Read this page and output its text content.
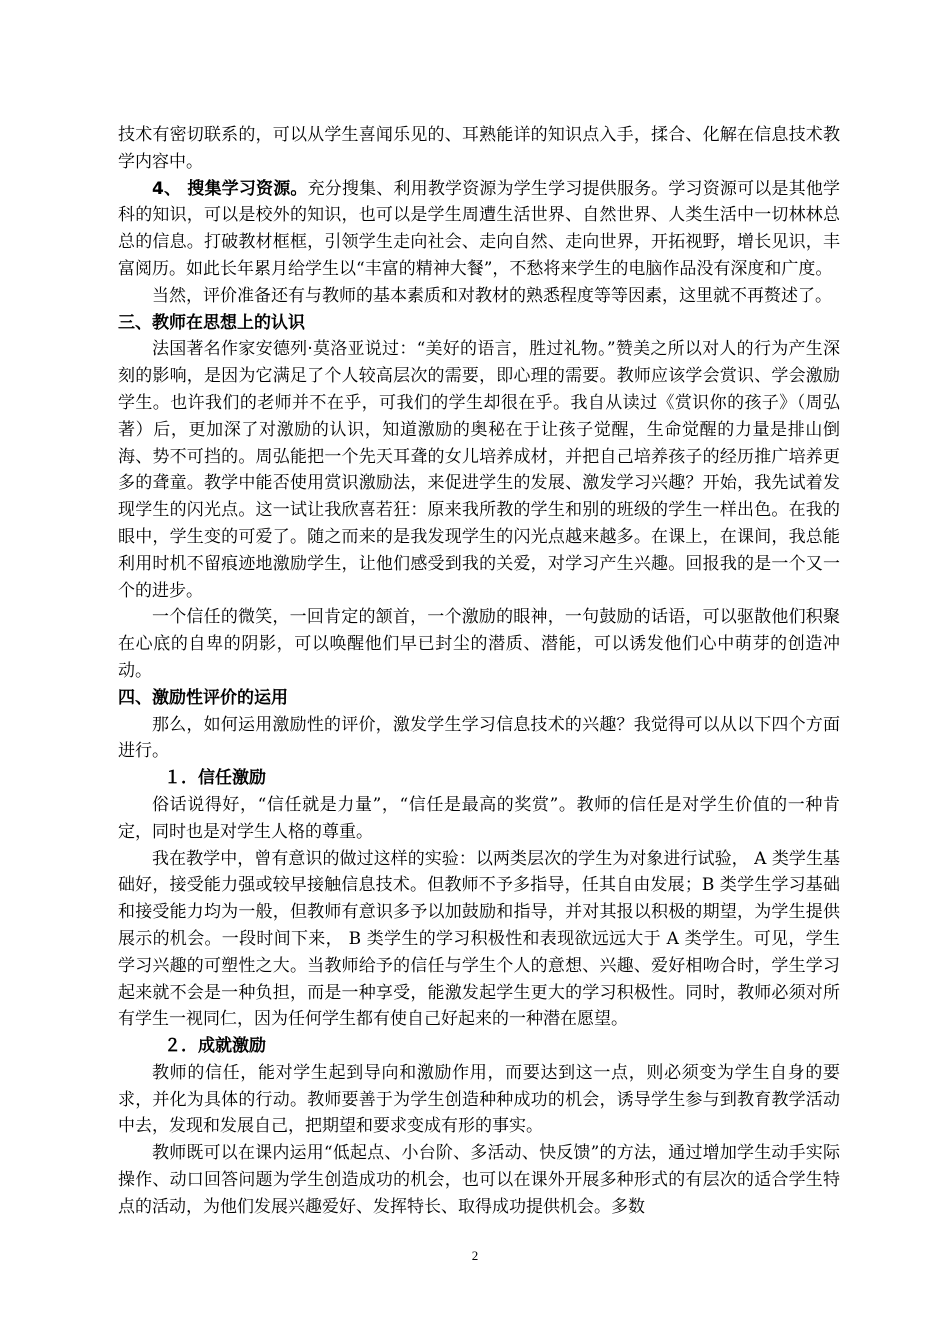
技术有密切联系的，可以从学生喜闻乐见的、耳熟能详的知识点入手，揉合、化解在信息技术教学内容中。

4、 搜集学习资源。充分搜集、利用教学资源为学生学习提供服务。学习资源可以是其他学科的知识，可以是校外的知识，也可以是学生周遭生活世界、自然世界、人类生活中一切林林总总的信息。打破教材框框，引领学生走向社会、走向自然、走向世界，开拓视野，增长见识，丰富阅历。如此长年累月给学生以“丰富的精神大餐”，不愁将来学生的电脑作品没有深度和广度。

当然，评价准备还有与教师的基本素质和对教材的熟悉程度等等因素，这里就不再赘述了。

三、教师在思想上的认识

法国著名作家安德列·莫洛亚说过：“美好的语言，胜过礼物。”赞美之所以对人的行为产生深刻的影响，是因为它满足了个人较高层次的需要，即心理的需要。教师应该学会赏识、学会激励学生。也许我们的老师并不在乎，可我们的学生却很在乎。我自从读过《赏识你的孩子》（周弘著）后，更加深了对激励的认识，知道激励的奥秘在于让孩子觉醒，生命觉醒的力量是排山倒海、势不可挡的。周弘能把一个先天耳聋的女儿培养成材，并把自己培养孩子的经历推广培养更多的聋童。教学中能否使用赏识激励法，来促进学生的发展、激发学习兴趣？开始，我先试着发现学生的闪光点。这一试让我欣喜若狂：原来我所教的学生和别的班级的学生一样出色。在我的眼中，学生变的可爱了。随之而来的是我发现学生的闪光点越来越多。在课上，在课间，我总能利用时机不留痕迹地激励学生，让他们感受到我的关爱，对学习产生兴趣。回报我的是一个又一个的进步。

一个信任的微笑，一回肯定的颔首，一个激励的眼神，一句鼓励的话语，可以驱散他们积聚在心底的自卑的阴影，可以唤醒他们早已封尘的潜质、潜能，可以诱发他们心中萌芽的创造冲动。

四、激励性评价的运用

那么，如何运用激励性的评价，激发学生学习信息技术的兴趣？我觉得可以从以下四个方面进行。

１．信任激励

俗话说得好，“信任就是力量”，“信任是最高的奖赏”。教师的信任是对学生价值的一种肯定，同时也是对学生人格的尊重。

我在教学中，曾有意识的做过这样的实验：以两类层次的学生为对象进行试验， A 类学生基础好，接受能力强或较早接触信息技术。但教师不予多指导，任其自由发展；B 类学生学习基础和接受能力均为一般，但教师有意识多予以加鼓励和指导，并对其报以积极的期望，为学生提供展示的机会。一段时间下来， B 类学生的学习积极性和表现欲远远大于 A 类学生。可见，学生学习兴趣的可塑性之大。当教师给予的信任与学生个人的意想、兴趣、爱好相吻合时，学生学习起来就不会是一种负担，而是一种享受，能激发起学生更大的学习积极性。同时，教师必须对所有学生一视同仁，因为任何学生都有使自己好起来的一种潜在愿望。

２．成就激励

教师的信任，能对学生起到导向和激励作用，而要达到这一点，则必须变为学生自身的要求，并化为具体的行动。教师要善于为学生创造种种成功的机会，诱导学生参与到教育教学活动中去，发现和发展自己，把期望和要求变成有形的事实。

教师既可以在课内运用“低起点、小台阶、多活动、快反馈”的方法，通过增加学生动手实际操作、动口回答问题为学生创造成功的机会，也可以在课外开展多种形式的有层次的适合学生特点的活动，为他们发展兴趣爱好、发挥特长、取得成功提供机会。多数

2
